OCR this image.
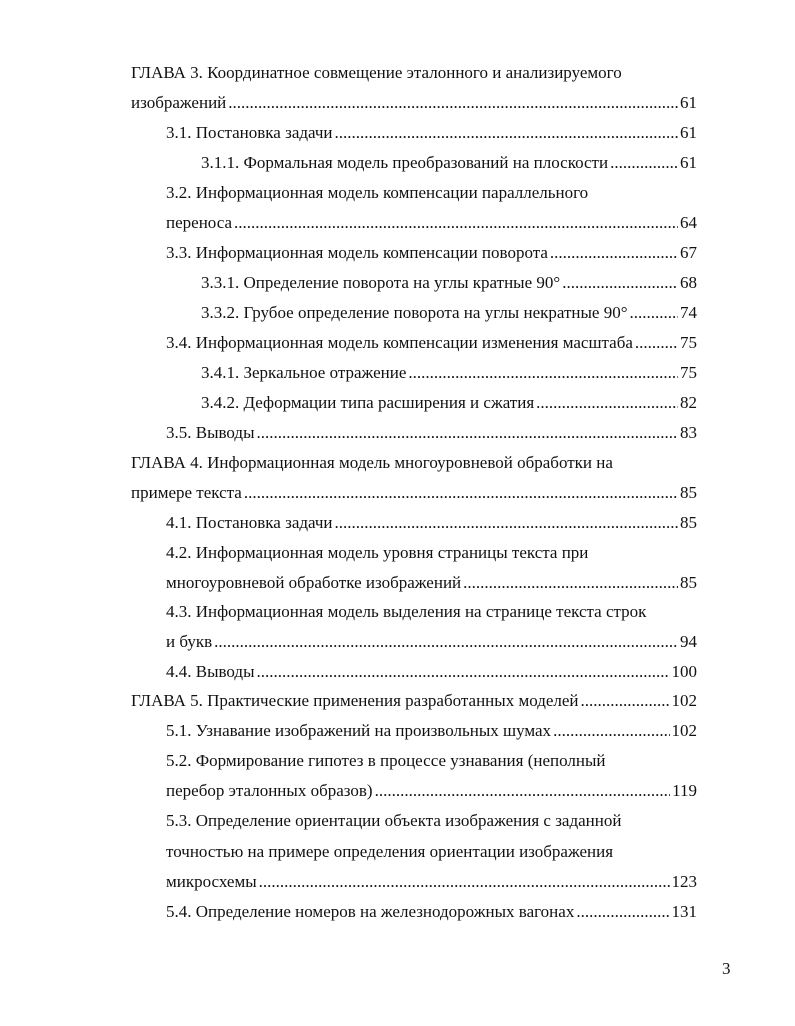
ГЛАВА 3. Координатное совмещение эталонного и анализируемого
изображений .....	61
3.1. Постановка задачи .....	61
3.1.1. Формальная модель преобразований на плоскости .....	61
3.2. Информационная модель компенсации параллельного
переноса .....	64
3.3. Информационная модель компенсации поворота .....	67
3.3.1. Определение поворота на углы кратные 90° .....	68
3.3.2. Грубое определение поворота на углы некратные 90° .....	74
3.4. Информационная модель компенсации изменения масштаба .....	75
3.4.1. Зеркальное отражение .....	75
3.4.2. Деформации типа расширения и сжатия .....	82
3.5. Выводы .....	83
ГЛАВА 4. Информационная модель многоуровневой обработки на
примере текста .....	85
4.1. Постановка задачи .....	85
4.2. Информационная модель уровня страницы текста при
многоуровневой обработке изображений .....	85
4.3. Информационная модель выделения на странице текста строк
и букв .....	94
4.4. Выводы .....	100
ГЛАВА 5. Практические применения разработанных моделей .....	102
5.1. Узнавание изображений на произвольных шумах .....	102
5.2. Формирование гипотез в процессе узнавания (неполный
перебор эталонных образов) .....	119
5.3. Определение ориентации объекта изображения с заданной
точностью на примере определения ориентации изображения
микросхемы .....	123
5.4. Определение номеров на железнодорожных вагонах .....	131
3
